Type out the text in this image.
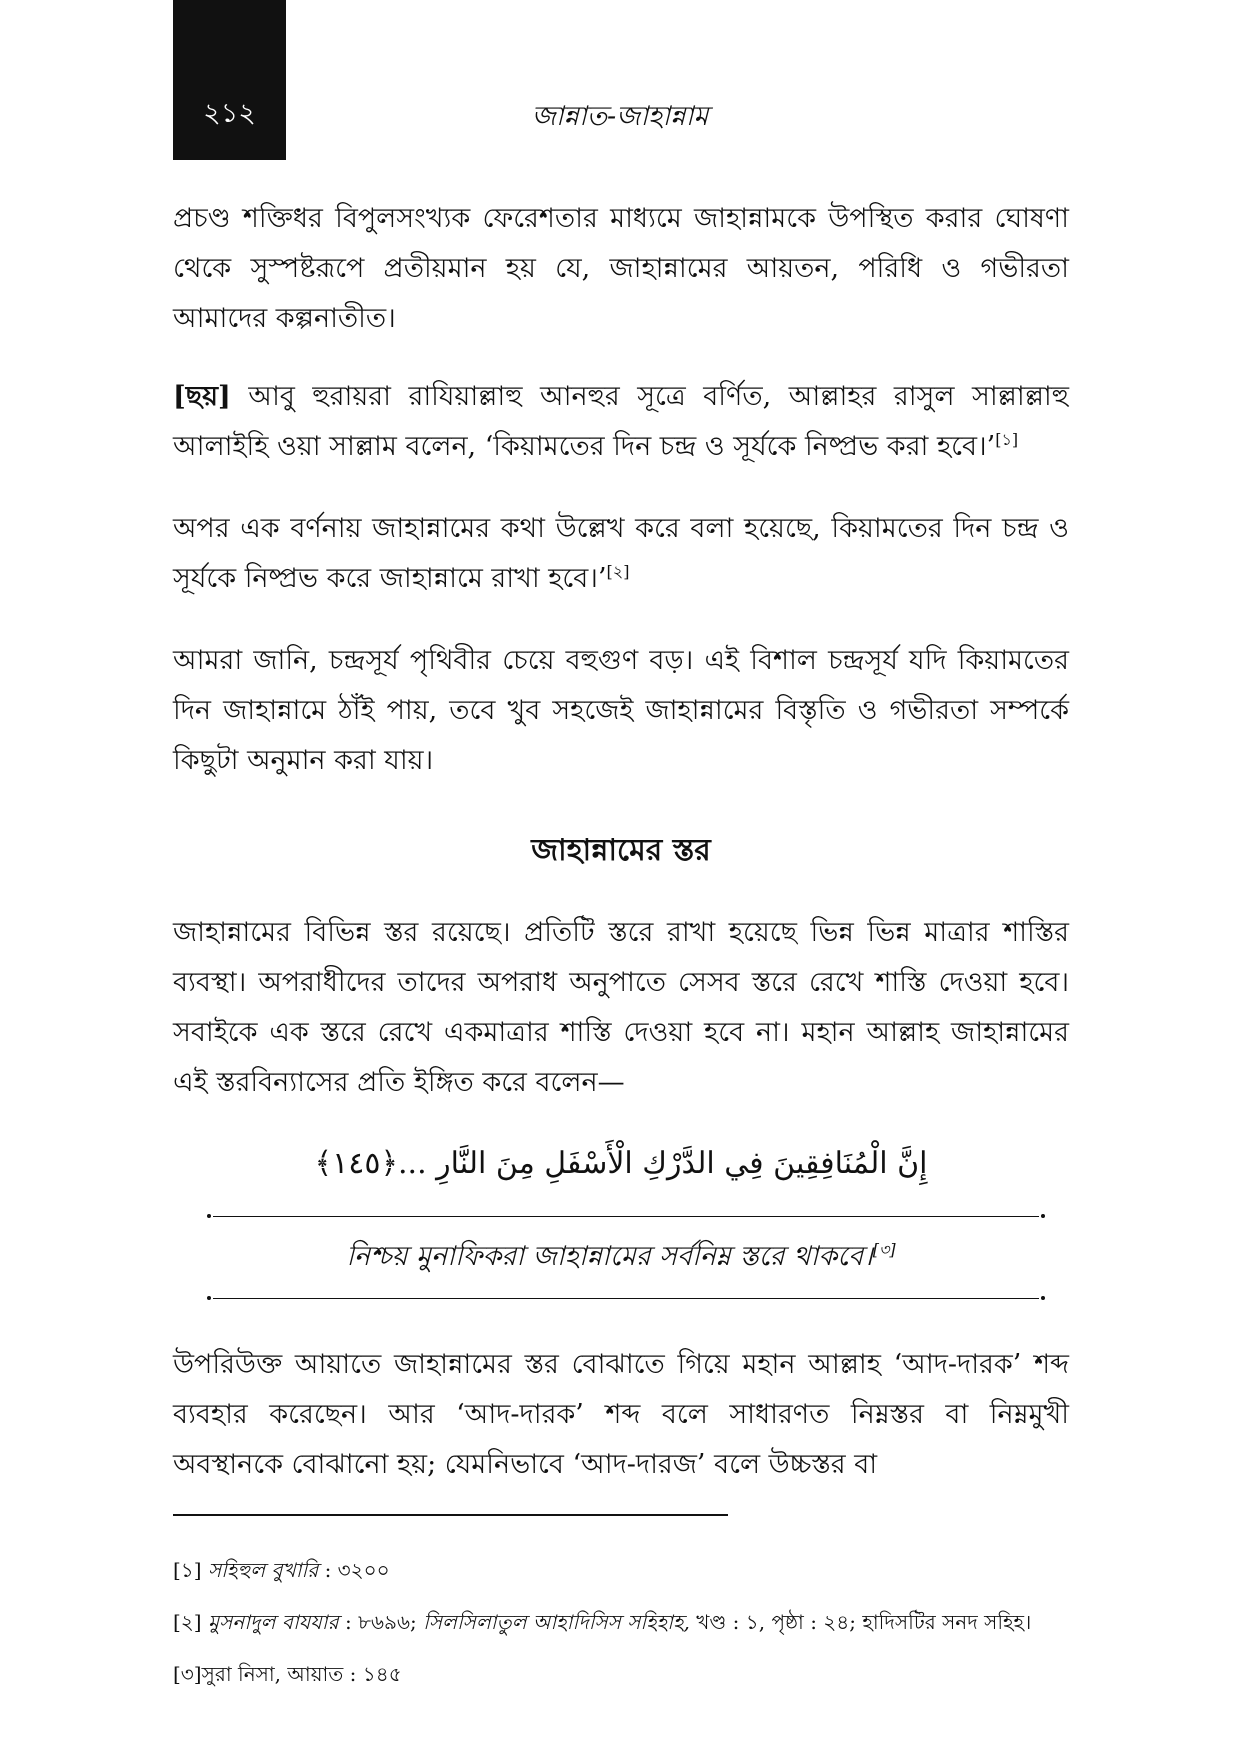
২১২	জান্নাত-জাহান্নাম

প্রচণ্ড শক্তিধর বিপুলসংখ্যক ফেরেশতার মাধ্যমে জাহান্নামকে উপস্থিত করার ঘোষণা থেকে সুস্পষ্টরূপে প্রতীয়মান হয় যে, জাহান্নামের আয়তন, পরিধি ও গভীরতা আমাদের কল্পনাতীত।

[ছয়] আবু হুরায়রা রাযিয়াল্লাহু আনহুর সূত্রে বর্ণিত, আল্লাহর রাসুল সাল্লাল্লাহু আলাইহি ওয়া সাল্লাম বলেন, ‘কিয়ামতের দিন চন্দ্র ও সূর্যকে নিষ্প্রভ করা হবে।’[১]

অপর এক বর্ণনায় জাহান্নামের কথা উল্লেখ করে বলা হয়েছে, কিয়ামতের দিন চন্দ্র ও সূর্যকে নিষ্প্রভ করে জাহান্নামে রাখা হবে।’[২]

আমরা জানি, চন্দ্রসূর্য পৃথিবীর চেয়ে বহুগুণ বড়। এই বিশাল চন্দ্রসূর্য যদি কিয়ামতের দিন জাহান্নামে ঠাঁই পায়, তবে খুব সহজেই জাহান্নামের বিস্তৃতি ও গভীরতা সম্পর্কে কিছুটা অনুমান করা যায়।

জাহান্নামের স্তর

জাহান্নামের বিভিন্ন স্তর রয়েছে। প্রতিটি স্তরে রাখা হয়েছে ভিন্ন ভিন্ন মাত্রার শাস্তির ব্যবস্থা। অপরাধীদের তাদের অপরাধ অনুপাতে সেসব স্তরে রেখে শাস্তি দেওয়া হবে। সবাইকে এক স্তরে রেখে একমাত্রার শাস্তি দেওয়া হবে না। মহান আল্লাহ জাহান্নামের এই স্তরবিন্যাসের প্রতি ইঙ্গিত করে বলেন—

إِنَّ الْمُنَافِقِينَ فِي الدَّرْكِ الْأَسْفَلِ مِنَ النَّارِ ...﴿١٤٥﴾

নিশ্চয় মুনাফিকরা জাহান্নামের সর্বনিম্ন স্তরে থাকবে।[৩]

উপরিউক্ত আয়াতে জাহান্নামের স্তর বোঝাতে গিয়ে মহান আল্লাহ ‘আদ-দারক’ শব্দ ব্যবহার করেছেন। আর ‘আদ-দারক’ শব্দ বলে সাধারণত নিম্নস্তর বা নিম্নমুখী অবস্থানকে বোঝানো হয়; যেমনিভাবে ‘আদ-দারজ’ বলে উচ্চস্তর বা

[১] সহিহুল বুখারি : ৩২০০

[২] মুসনাদুল বাযযার : ৮৬৯৬; সিলসিলাতুল আহাদিসিস সহিহাহ, খণ্ড : ১, পৃষ্ঠা : ২৪; হাদিসটির সনদ সহিহ।

[৩]সুরা নিসা, আয়াত : ১৪৫
